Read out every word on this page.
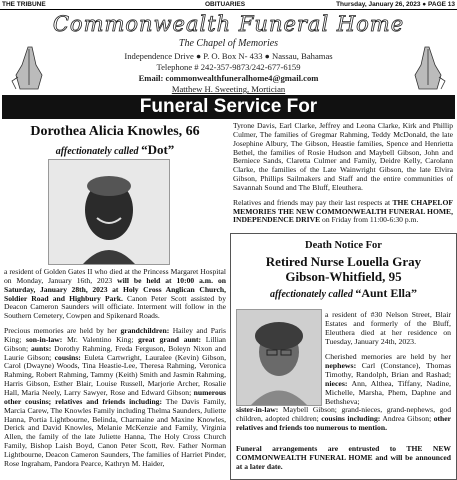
THE TRIBUNE	OBITUARIES	Thursday, January 26, 2023 ● PAGE 13
Commonwealth Funeral Home
The Chapel of Memories
Independence Drive ● P. O. Box N- 433 ● Nassau, Bahamas
Telephone # 242-357-9873/242-677-6159
Email: commonwealthfuneralhome4@gmail.com
Matthew H. Sweeting, Mortician
Funeral Service For
Dorothea Alicia Knowles, 66
affectionately called “Dot”

a resident of Golden Gates II who died at the Princess Margaret Hospital on Monday, January 16th, 2023 will be held at 10:00 a.m. on Saturday, January 28th, 2023 at Holy Cross Anglican Church, Soldier Road and Highbury Park. Canon Peter Scott assisted by Deacon Cameron Saunders will officiate. Interment will follow in the Southern Cemetery, Cowpen and Spikenard Roads.

Precious memories are held by her grandchildren: Hailey and Paris King; son-in-law: Mr. Valentino King; great grand aunt: Lillian Gibson; aunts: Dorothy Rahming, Freda Ferguson, Boleyn Nixon and Laurie Gibson; cousins: Euleta Cartwright, Lauralee (Kevin) Gibson, Carol (Dwayne) Woods, Tina Heastie-Lee, Theresa Rahming, Veronica Rahming, Robert Rahming, Tammy (Keith) Smith and Jasmin Rahming, Harris Gibson, Esther Blair, Louise Russell, Marjorie Archer, Rosalie Hall, Maria Neely, Larry Sawyer, Rose and Edward Gibson; numerous other cousins; relatives and friends including: The Davis Family, Marcia Carew, The Knowles Family including Thelma Saunders, Juliette Hanna, Portia Lightbourne, Belinda, Charmaine and Maxine Knowles, Derick and David Knowles, Melanie McKenzie and Family, Virginia Allen, the family of the late Juliette Hanna, The Holy Cross Church Family, Bishop Laish Boyd, Canon Peter Scott, Rev. Father Norman Lightbourne, Deacon Cameron Saunders, The families of Harriet Pinder, Rose Ingraham, Pandora Pearce, Kathryn M. Haider,

Tyrone Davis, Earl Clarke, Jeffrey and Leona Clarke, Kirk and Phillip Culmer, The families of Gregmar Rahming, Teddy McDonald, the late Josephine Albury, The Gibson, Heastie families, Spence and Henrietta Bethel, the families of Rosie Hudson and Maybell Gibson, John and Berniece Sands, Claretta Culmer and Family, Deidre Kelly, Carolann Clarke, the families of the Late Wainwright Gibson, the late Elvira Gibson, Phillips Sailmakers and Staff and the entire communities of Savannah Sound and The Bluff, Eleuthera.

Relatives and friends may pay their last respects at THE CHAPELOF MEMORIES THE NEW COMMONWEALTH FUNERAL HOME, INDEPENDENCE DRIVE on Friday from 11:00-6:30 p.m.

Death Notice For
Retired Nurse Louella Gray
Gibson-Whitfield, 95
affectionately called “Aunt Ella”

a resident of #30 Nelson Street, Blair Estates and formerly of the Bluff, Eleuthera died at her residence on Tuesday, January 24th, 2023.

Cherished memories are held by her nephews: Carl (Constance), Thomas Timothy, Randolph, Brian and Rashad; nieces: Ann, Althea, Tiffany, Nadine, Michelle, Marsha, Phem, Daphne and Bethsheva;

sister-in-law: Maybell Gibson; grand-nieces, grand-nephews, god children, adopted children; cousins including: Andrea Gibson; other relatives and friends too numerous to mention.

Funeral arrangements are entrusted to THE NEW COMMONWEALTH FUNERAL HOME and will be announced at a later date.
